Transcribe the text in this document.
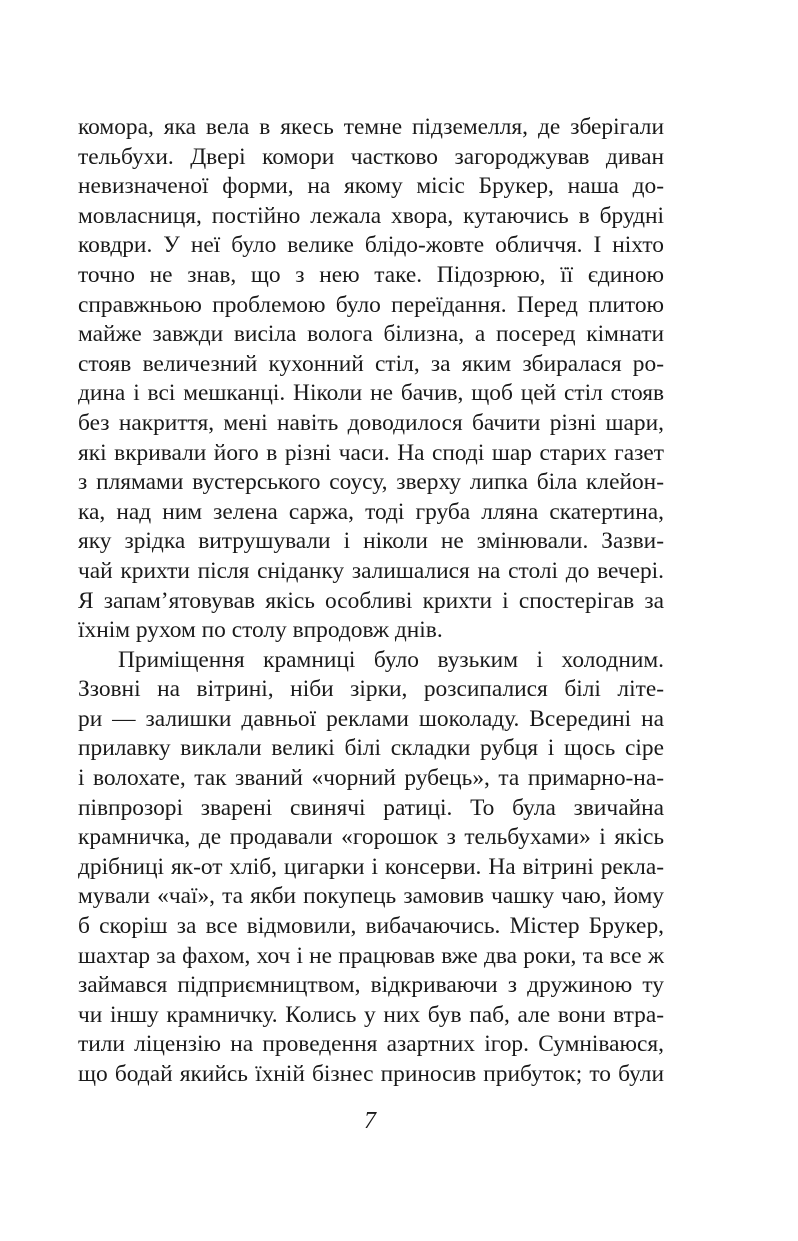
комора, яка вела в якесь темне підземелля, де зберігали
тельбухи. Двері комори частково загороджував диван
невизначеної форми, на якому місіс Брукер, наша до-
мовласниця, постійно лежала хвора, кутаючись в брудні
ковдри. У неї було велике блідо-жовте обличчя. І ніхто
точно не знав, що з нею таке. Підозрюю, її єдиною
справжньою проблемою було переїдання. Перед плитою
майже завжди висіла волога білизна, а посеред кімнати
стояв величезний кухонний стіл, за яким збиралася ро-
дина і всі мешканці. Ніколи не бачив, щоб цей стіл стояв
без накриття, мені навіть доводилося бачити різні шари,
які вкривали його в різні часи. На споді шар старих газет
з плямами вустерського соусу, зверху липка біла клейон-
ка, над ним зелена саржа, тоді груба лляна скатертина,
яку зрідка витрушували і ніколи не змінювали. Зазви-
чай крихти після сніданку залишалися на столі до вечері.
Я запам’ятовував якісь особливі крихти і спостерігав за
їхнім рухом по столу впродовж днів.
Приміщення крамниці було вузьким і холодним.
Ззовні на вітрині, ніби зірки, розсипалися білі літе-
ри — залишки давньої реклами шоколаду. Всередині на
прилавку виклали великі білі складки рубця і щось сіре
і волохате, так званий «чорний рубець», та примарно-на-
півпрозорі зварені свинячі ратиці. То була звичайна
крамничка, де продавали «горошок з тельбухами» і якісь
дрібниці як-от хліб, цигарки і консерви. На вітрині рекла-
мували «чаї», та якби покупець замовив чашку чаю, йому
б скоріш за все відмовили, вибачаючись. Містер Брукер,
шахтар за фахом, хоч і не працював вже два роки, та все ж
займався підприємництвом, відкриваючи з дружиною ту
чи іншу крамничку. Колись у них був паб, але вони втра-
тили ліцензію на проведення азартних ігор. Сумніваюся,
що бодай якийсь їхній бізнес приносив прибуток; то були
7
